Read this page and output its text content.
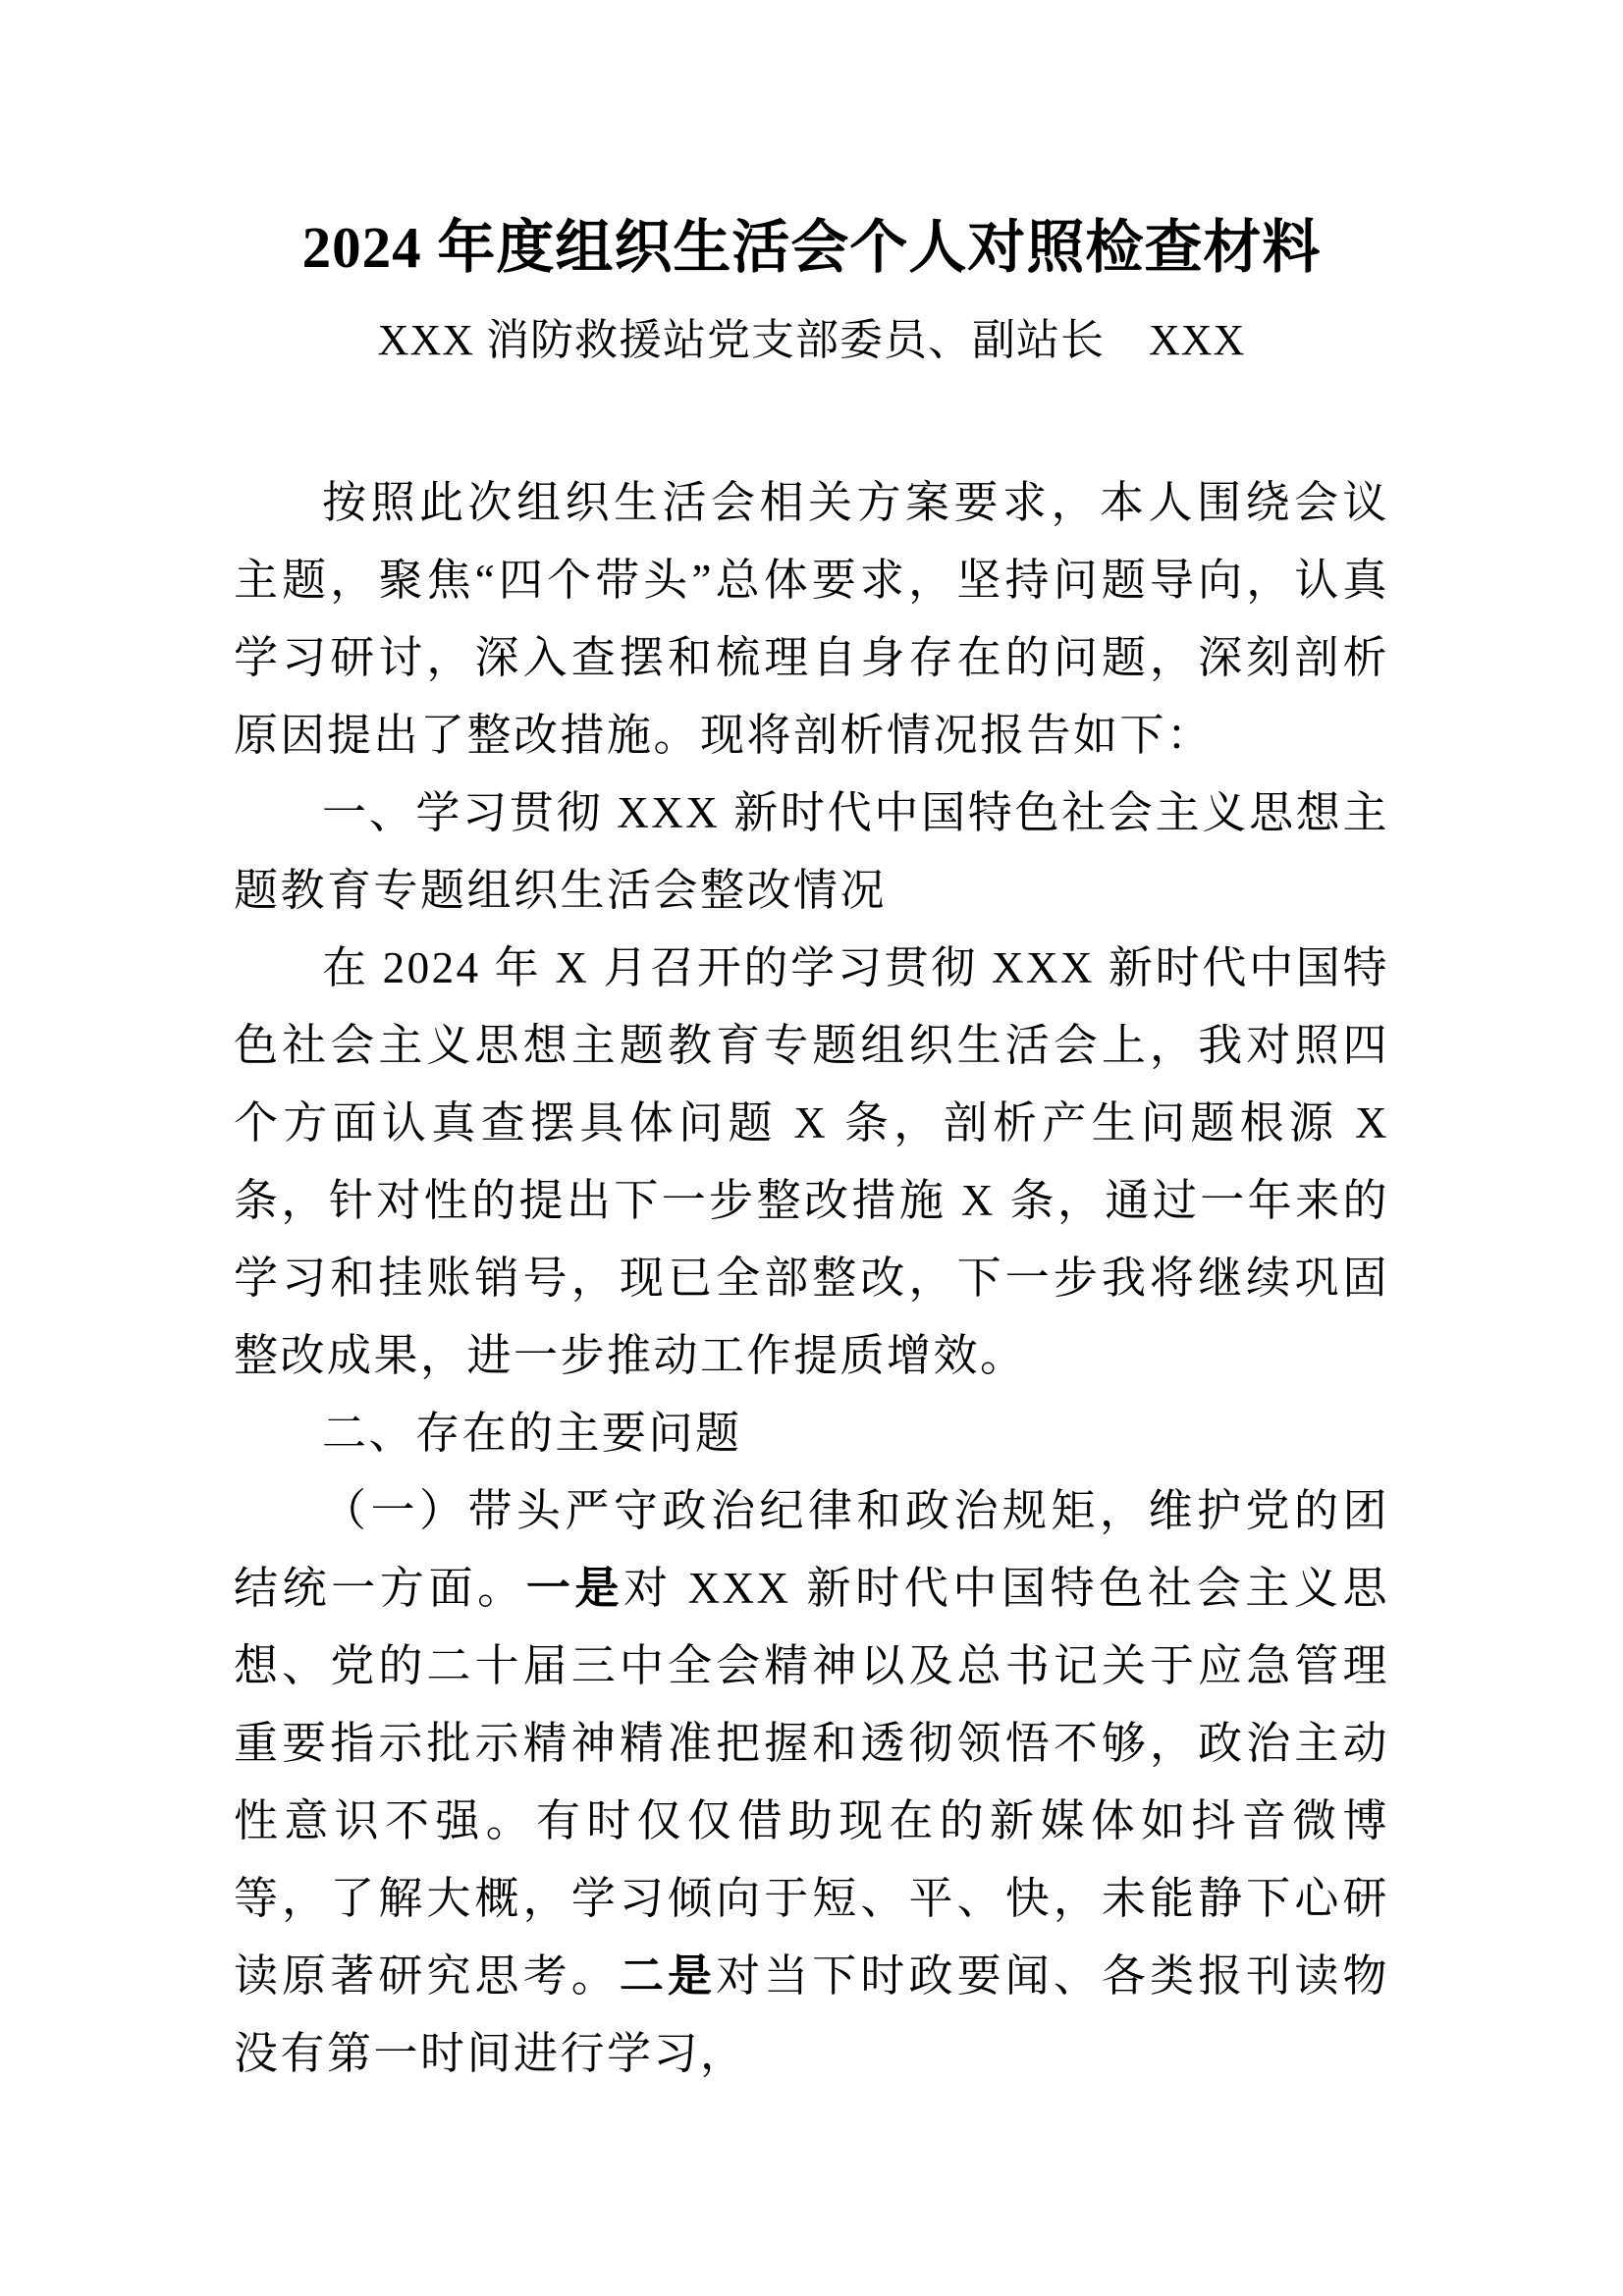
2024 年度组织生活会个人对照检查材料
XXX 消防救援站党支部委员、副站长　XXX

按照此次组织生活会相关方案要求，本人围绕会议主题，聚焦“四个带头”总体要求，坚持问题导向，认真学习研讨，深入查摆和梳理自身存在的问题，深刻剖析原因提出了整改措施。现将剖析情况报告如下：

一、学习贯彻 XXX 新时代中国特色社会主义思想主题教育专题组织生活会整改情况

在 2024 年 X 月召开的学习贯彻 XXX 新时代中国特色社会主义思想主题教育专题组织生活会上，我对照四个方面认真查摆具体问题 X 条，剖析产生问题根源 X 条，针对性的提出下一步整改措施 X 条，通过一年来的学习和挂账销号，现已全部整改，下一步我将继续巩固整改成果，进一步推动工作提质增效。

二、存在的主要问题

（一）带头严守政治纪律和政治规矩，维护党的团结统一方面。一是对 XXX 新时代中国特色社会主义思想、党的二十届三中全会精神以及总书记关于应急管理重要指示批示精神精准把握和透彻领悟不够，政治主动性意识不强。有时仅仅借助现在的新媒体如抖音微博等，了解大概，学习倾向于短、平、快，未能静下心研读原著研究思考。二是对当下时政要闻、各类报刊读物没有第一时间进行学习，
